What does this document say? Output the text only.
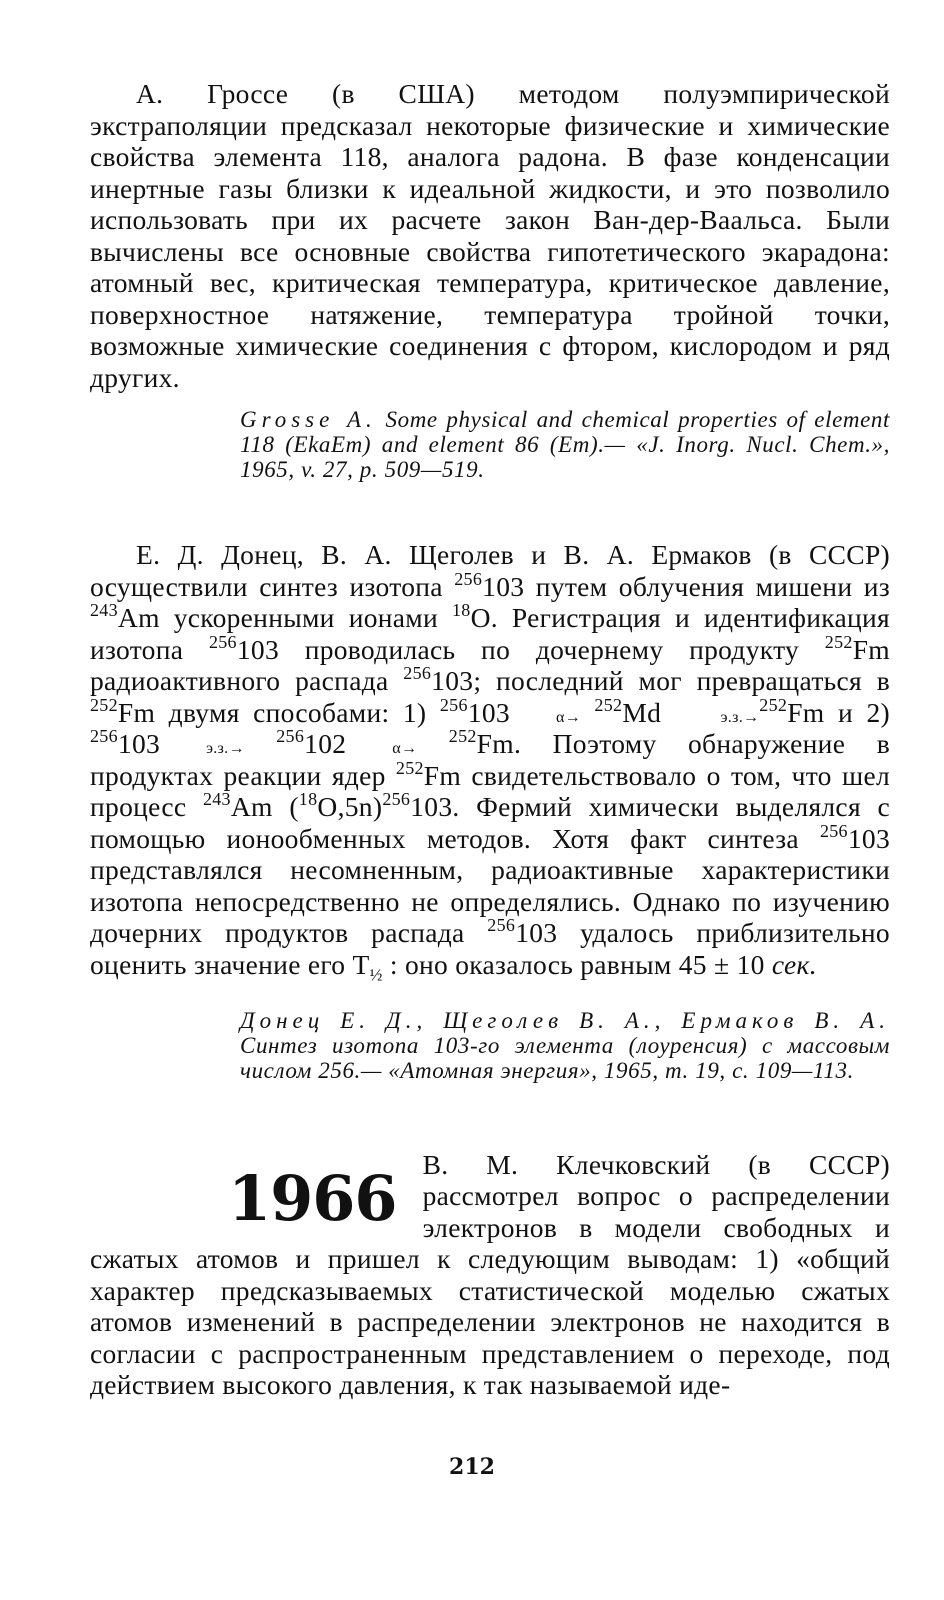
А. Гроссе (в США) методом полуэмпирической экстраполяции предсказал некоторые физические и химические свойства элемента 118, аналога радона. В фазе конденсации инертные газы близки к идеальной жидкости, и это позволило использовать при их расчете закон Ван-дер-Ваальса. Были вычислены все основные свойства гипотетического экарадона: атомный вес, критическая температура, критическое давление, поверхностное натяжение, температура тройной точки, возможные химические соединения с фтором, кислородом и ряд других.

Grosse A. Some physical and chemical properties of element 118 (EkaEm) and element 86 (Em).— «J. Inorg. Nucl. Chem.», 1965, v. 27, p. 509—519.

Е. Д. Донец, В. А. Щеголев и В. А. Ермаков (в СССР) осуществили синтез изотопа $^{256}$103 путем облучения мишени из $^{243}$Am ускоренными ионами $^{18}$O. Регистрация и идентификация изотопа $^{256}$103 проводилась по дочернему продукту $^{252}$Fm радиоактивного распада $^{256}$103; последний мог превращаться в $^{252}$Fm двумя способами: 1) $^{256}$103	α→ $^{252}$Md	э.з.→$^{252}$Fm и 2) $^{256}$103	э.з.→ $^{256}$102	α→ $^{252}$Fm. Поэтому обнаружение в продуктах реакции ядер $^{252}$Fm свидетельствовало о том, что шел процесс $^{243}$Am $(^{18}O,5n)^{256}103$. Фермий химически выделялся с помощью ионообменных методов. Хотя факт синтеза $^{256}$103 представлялся несомненным, радиоактивные характеристики изотопа непосредственно не определялись. Однако по изучению дочерних продуктов распада $^{256}$103 удалось приблизительно оценить значение его $T_{\frac{1}{2}}$ : оно оказалось равным 45 ± 10 сек.

Донец Е. Д., Щеголев В. А., Ермаков В. А. Синтез изотопа 103-го элемента (лоуренсия) с массовым числом 256.— «Атомная энергия», 1965, т. 19, с. 109—113.

1966 В. М. Клечковский (в СССР) рассмотрел вопрос о распределении электронов в модели свободных и сжатых атомов и пришел к следующим выводам: 1) «общий характер предсказываемых статистической моделью сжатых атомов изменений в распределении электронов не находится в согласии с распространенным представлением о переходе, под действием высокого давления, к так называемой иде-

212
